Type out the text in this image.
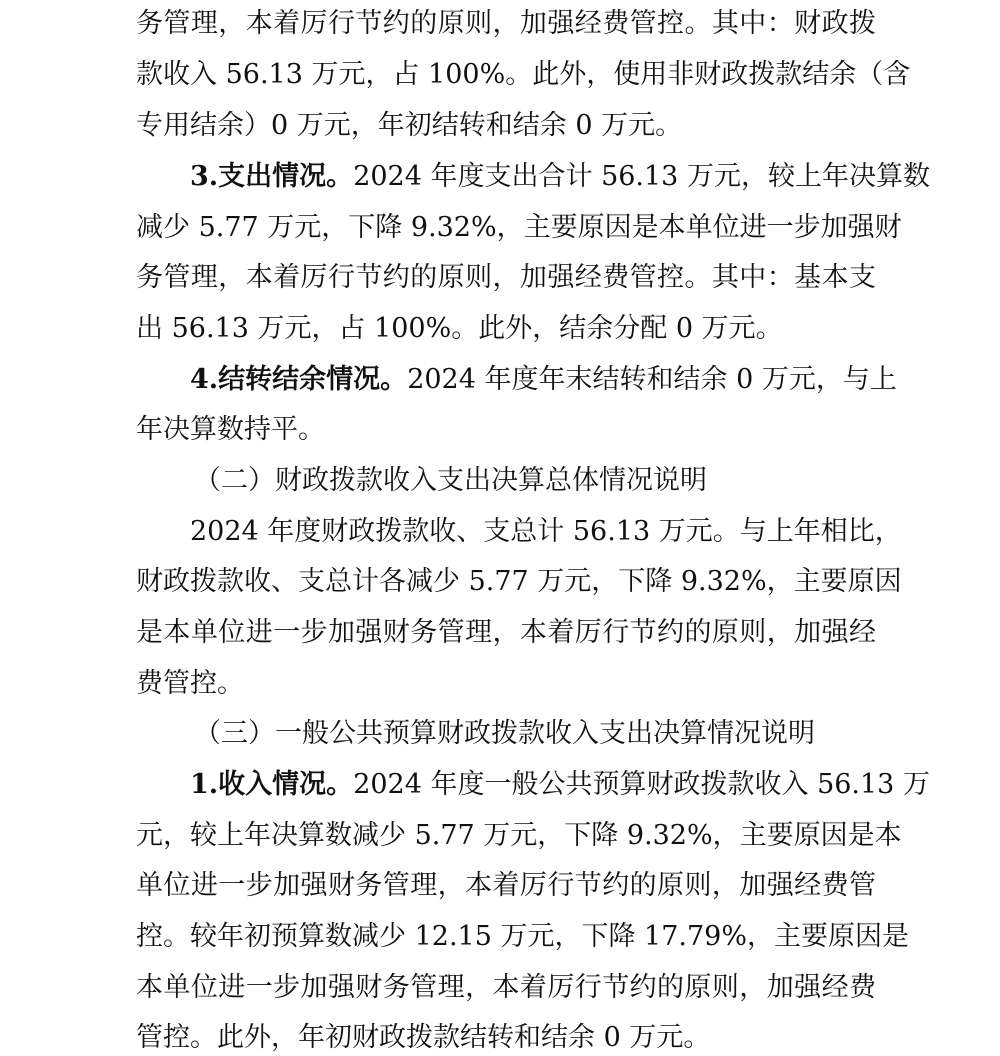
务管理，本着厉行节约的原则，加强经费管控。其中：财政拨
款收入 56.13 万元，占 100%。此外，使用非财政拨款结余（含
专用结余）0 万元，年初结转和结余 0 万元。
3.支出情况。2024 年度支出合计 56.13 万元，较上年决算数
减少 5.77 万元，下降 9.32%，主要原因是本单位进一步加强财
务管理，本着厉行节约的原则，加强经费管控。其中：基本支
出 56.13 万元，占 100%。此外，结余分配 0 万元。
4.结转结余情况。2024 年度年末结转和结余 0 万元，与上
年决算数持平。
（二）财政拨款收入支出决算总体情况说明
2024 年度财政拨款收、支总计 56.13 万元。与上年相比，
财政拨款收、支总计各减少 5.77 万元，下降 9.32%，主要原因
是本单位进一步加强财务管理，本着厉行节约的原则，加强经
费管控。
（三）一般公共预算财政拨款收入支出决算情况说明
1.收入情况。2024 年度一般公共预算财政拨款收入 56.13 万
元，较上年决算数减少 5.77 万元，下降 9.32%，主要原因是本
单位进一步加强财务管理，本着厉行节约的原则，加强经费管
控。较年初预算数减少 12.15 万元，下降 17.79%，主要原因是
本单位进一步加强财务管理，本着厉行节约的原则，加强经费
管控。此外，年初财政拨款结转和结余 0 万元。
